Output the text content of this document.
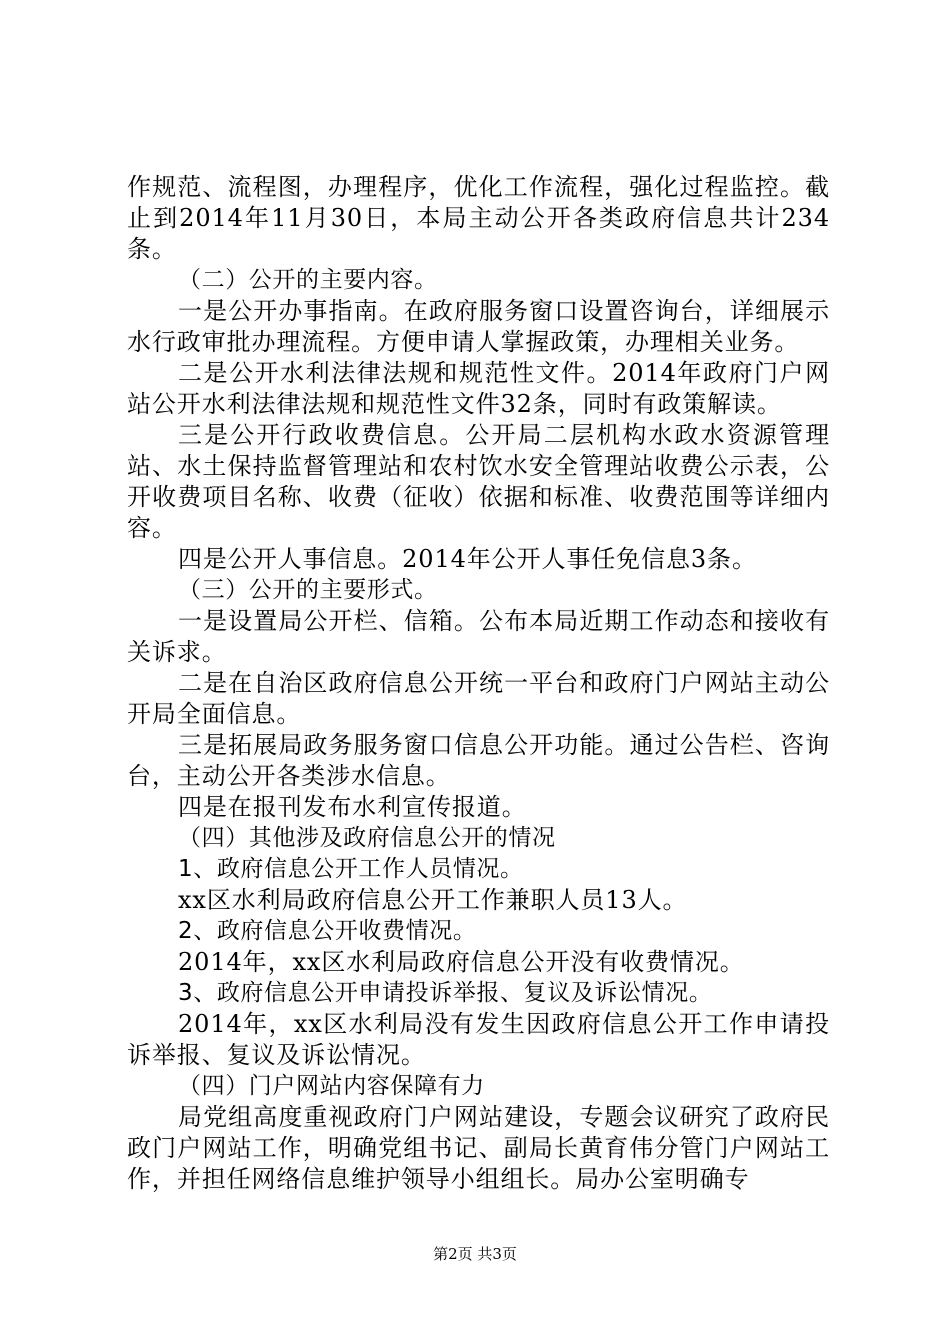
作规范、流程图，办理程序，优化工作流程，强化过程监控。截止到2014年11月30日，本局主动公开各类政府信息共计234条。

（二）公开的主要内容。

一是公开办事指南。在政府服务窗口设置咨询台，详细展示水行政审批办理流程。方便申请人掌握政策，办理相关业务。

二是公开水利法律法规和规范性文件。2014年政府门户网站公开水利法律法规和规范性文件32条，同时有政策解读。

三是公开行政收费信息。公开局二层机构水政水资源管理站、水土保持监督管理站和农村饮水安全管理站收费公示表，公开收费项目名称、收费（征收）依据和标准、收费范围等详细内容。

四是公开人事信息。2014年公开人事任免信息3条。

（三）公开的主要形式。

一是设置局公开栏、信箱。公布本局近期工作动态和接收有关诉求。

二是在自治区政府信息公开统一平台和政府门户网站主动公开局全面信息。

三是拓展局政务服务窗口信息公开功能。通过公告栏、咨询台，主动公开各类涉水信息。

四是在报刊发布水利宣传报道。

（四）其他涉及政府信息公开的情况

1、政府信息公开工作人员情况。

xx区水利局政府信息公开工作兼职人员13人。

2、政府信息公开收费情况。

2014年，xx区水利局政府信息公开没有收费情况。

3、政府信息公开申请投诉举报、复议及诉讼情况。

2014年，xx区水利局没有发生因政府信息公开工作申请投诉举报、复议及诉讼情况。

（四）门户网站内容保障有力

局党组高度重视政府门户网站建设，专题会议研究了政府民政门户网站工作，明确党组书记、副局长黄育伟分管门户网站工作，并担任网络信息维护领导小组组长。局办公室明确专

第2页 共3页
